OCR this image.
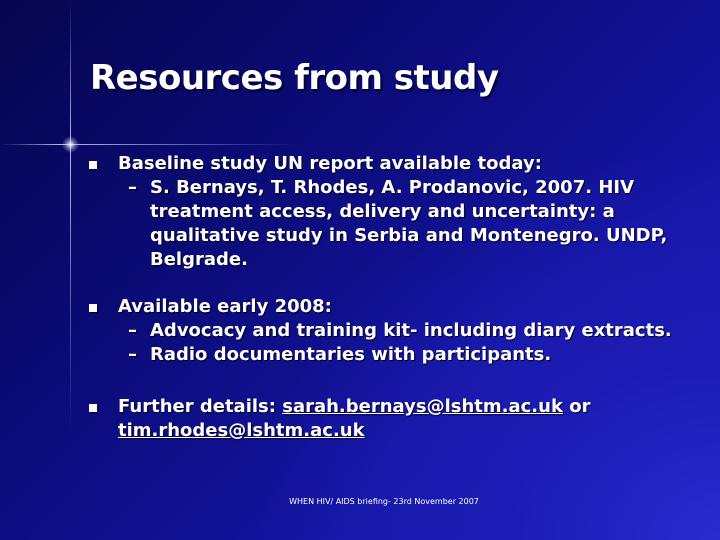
Resources from study
Baseline study UN report available today:
– S. Bernays, T. Rhodes, A. Prodanovic, 2007. HIV treatment access, delivery and uncertainty: a qualitative study in Serbia and Montenegro. UNDP, Belgrade.
Available early 2008:
– Advocacy and training kit- including diary extracts.
– Radio documentaries with participants.
Further details: sarah.bernays@lshtm.ac.uk or tim.rhodes@lshtm.ac.uk
WHEN HIV/ AIDS briefing- 23rd November 2007
